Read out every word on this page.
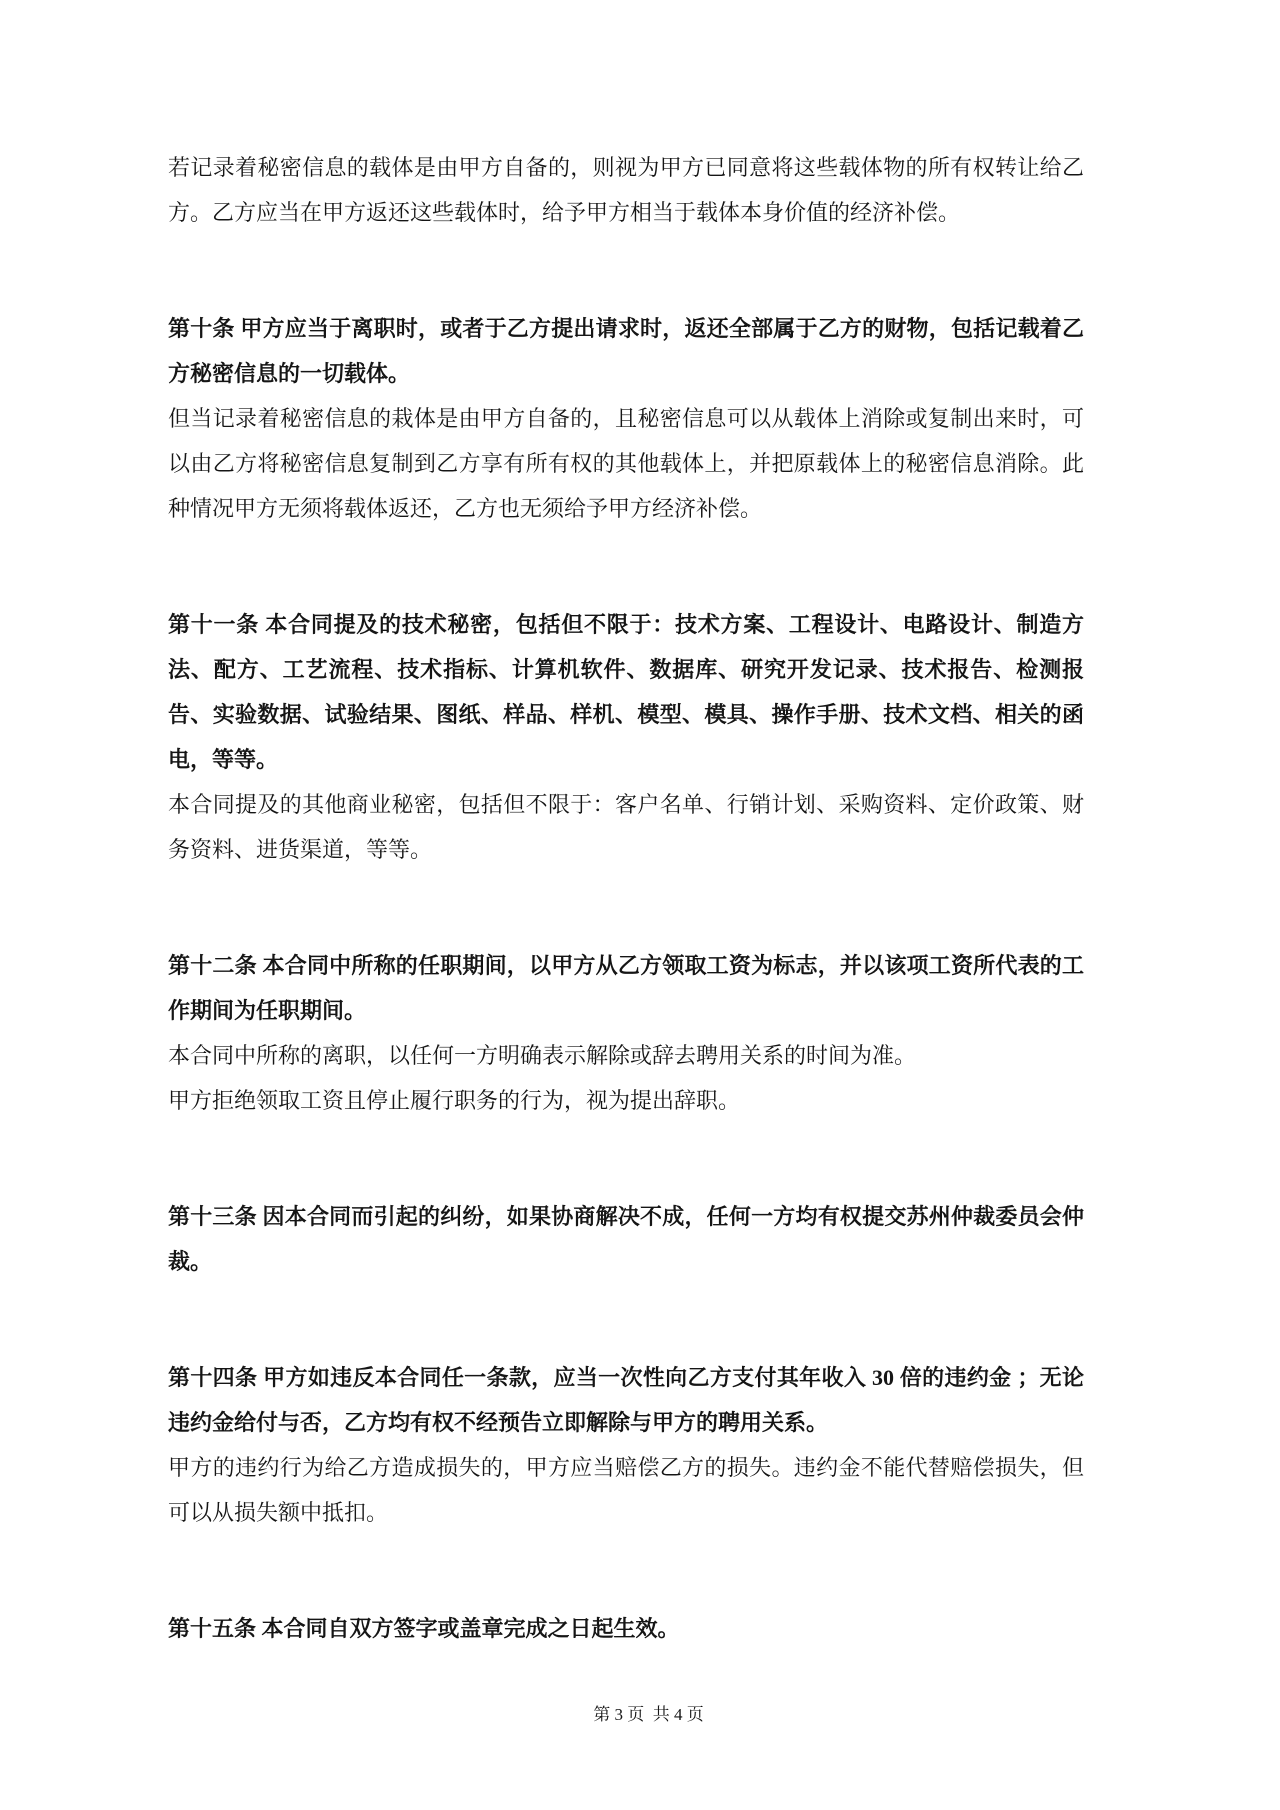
若记录着秘密信息的载体是由甲方自备的，则视为甲方已同意将这些载体物的所有权转让给乙方。乙方应当在甲方返还这些载体时，给予甲方相当于载体本身价值的经济补偿。

第十条 甲方应当于离职时，或者于乙方提出请求时，返还全部属于乙方的财物，包括记载着乙方秘密信息的一切载体。

但当记录着秘密信息的栽体是由甲方自备的，且秘密信息可以从载体上消除或复制出来时，可以由乙方将秘密信息复制到乙方享有所有权的其他载体上，并把原载体上的秘密信息消除。此种情况甲方无须将载体返还，乙方也无须给予甲方经济补偿。

第十一条 本合同提及的技术秘密，包括但不限于：技术方案、工程设计、电路设计、制造方法、配方、工艺流程、技术指标、计算机软件、数据库、研究开发记录、技术报告、检测报告、实验数据、试验结果、图纸、样品、样机、模型、模具、操作手册、技术文档、相关的函电，等等。

本合同提及的其他商业秘密，包括但不限于：客户名单、行销计划、采购资料、定价政策、财务资料、进货渠道，等等。

第十二条 本合同中所称的任职期间，以甲方从乙方领取工资为标志，并以该项工资所代表的工作期间为任职期间。

本合同中所称的离职，以任何一方明确表示解除或辞去聘用关系的时间为准。

甲方拒绝领取工资且停止履行职务的行为，视为提出辞职。

第十三条 因本合同而引起的纠纷，如果协商解决不成，任何一方均有权提交苏州仲裁委员会仲裁。

第十四条 甲方如违反本合同任一条款，应当一次性向乙方支付其年收入 30 倍的违约金 ；无论违约金给付与否，乙方均有权不经预告立即解除与甲方的聘用关系。

甲方的违约行为给乙方造成损失的，甲方应当赔偿乙方的损失。违约金不能代替赔偿损失，但可以从损失额中抵扣。

第十五条 本合同自双方签字或盖章完成之日起生效。

第 3 页  共 4 页
